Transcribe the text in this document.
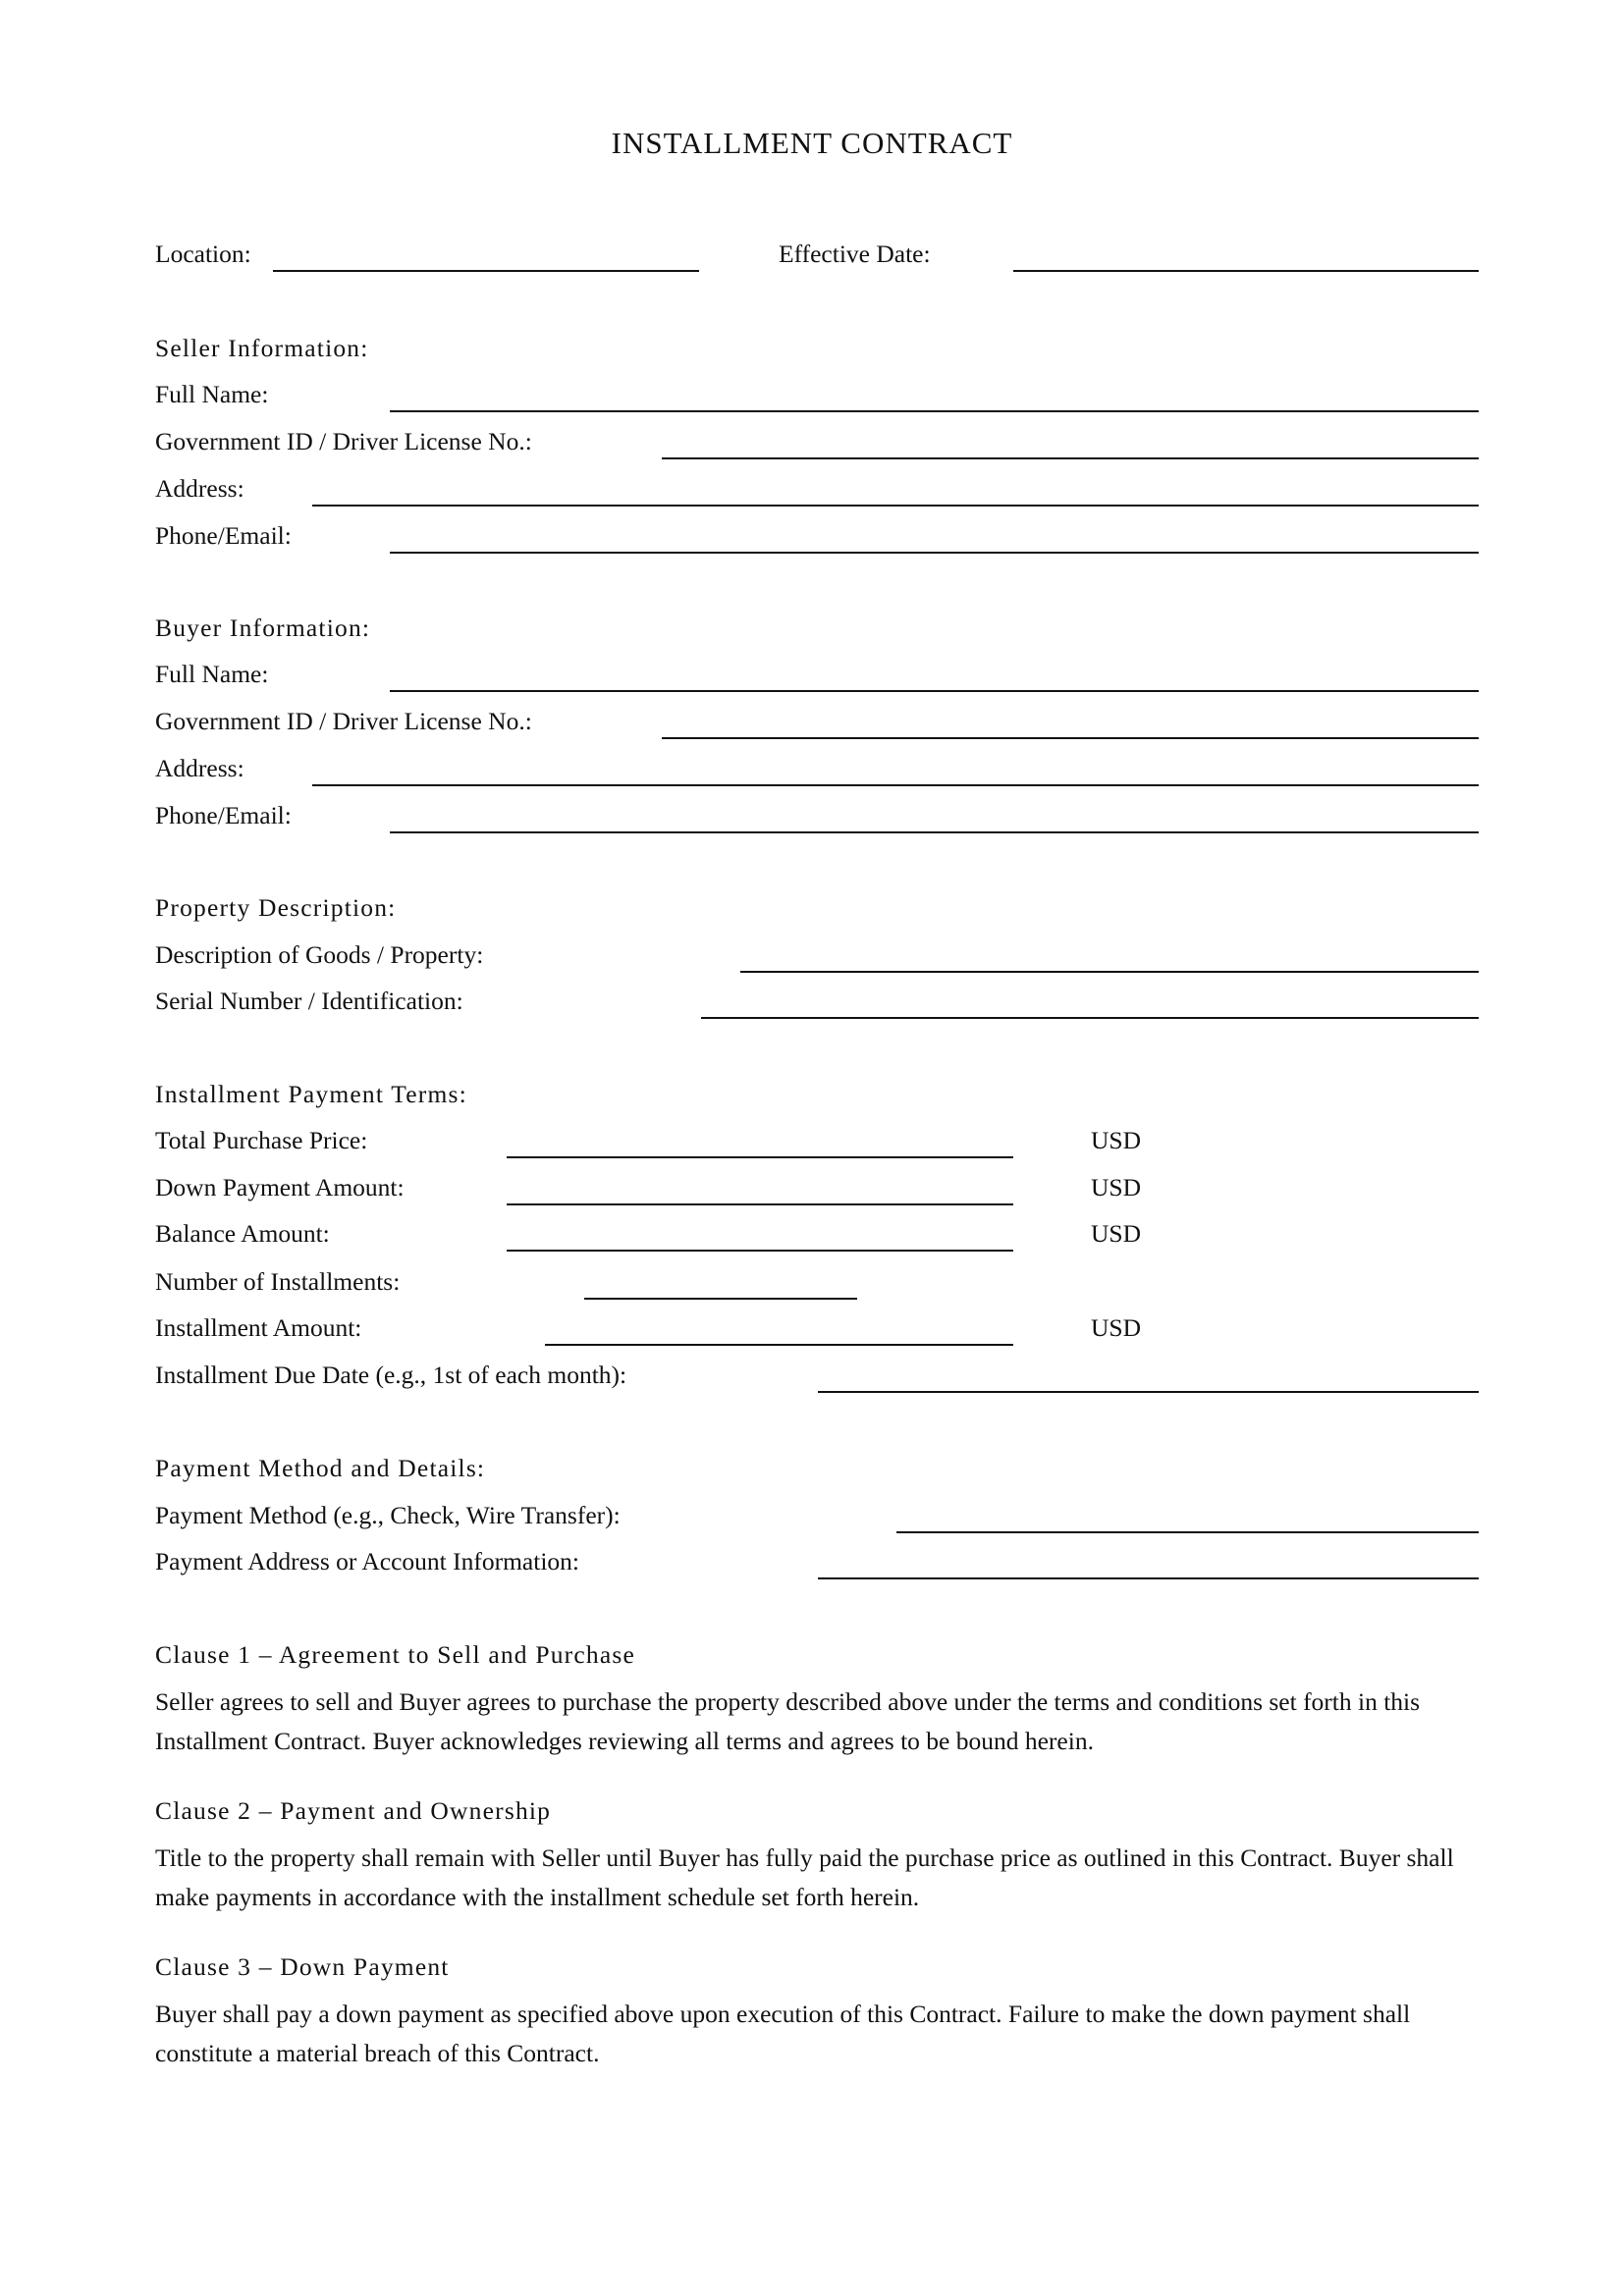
INSTALLMENT CONTRACT
Location:	Effective Date:
Seller Information:
Full Name:
Government ID / Driver License No.:
Address:
Phone/Email:
Buyer Information:
Full Name:
Government ID / Driver License No.:
Address:
Phone/Email:
Property Description:
Description of Goods / Property:
Serial Number / Identification:
Installment Payment Terms:
Total Purchase Price:	USD
Down Payment Amount:	USD
Balance Amount:	USD
Number of Installments:
Installment Amount:	USD
Installment Due Date (e.g., 1st of each month):
Payment Method and Details:
Payment Method (e.g., Check, Wire Transfer):
Payment Address or Account Information:
Clause 1 – Agreement to Sell and Purchase
Seller agrees to sell and Buyer agrees to purchase the property described above under the terms and conditions set forth in this Installment Contract. Buyer acknowledges reviewing all terms and agrees to be bound herein.
Clause 2 – Payment and Ownership
Title to the property shall remain with Seller until Buyer has fully paid the purchase price as outlined in this Contract. Buyer shall make payments in accordance with the installment schedule set forth herein.
Clause 3 – Down Payment
Buyer shall pay a down payment as specified above upon execution of this Contract. Failure to make the down payment shall constitute a material breach of this Contract.
